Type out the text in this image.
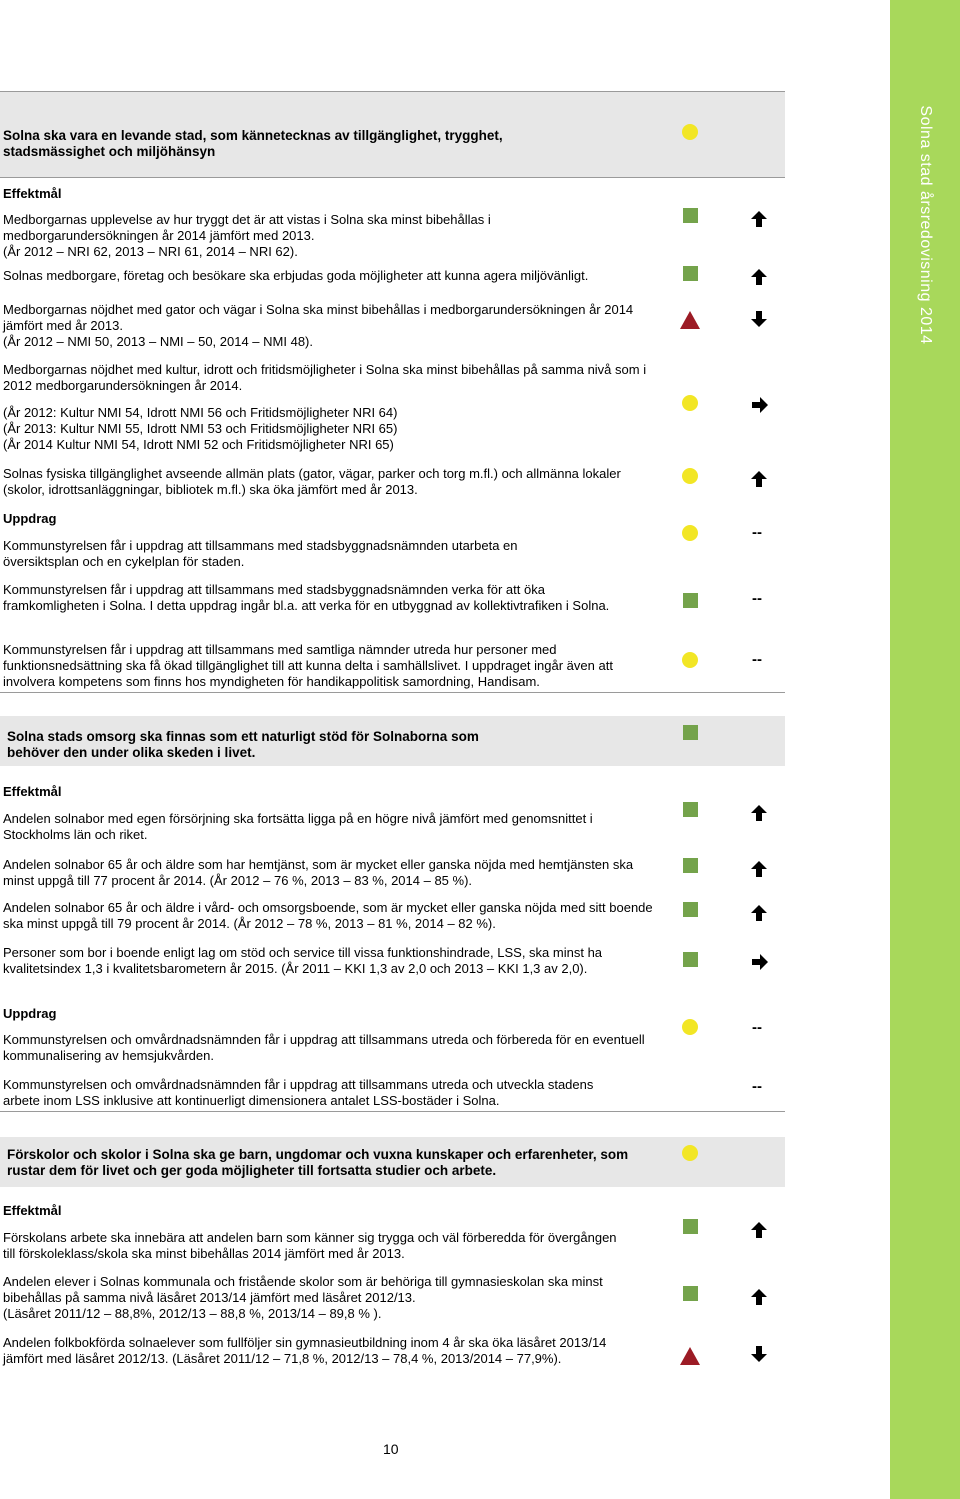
Solna stad årsredovisning 2014
Solna ska vara en levande stad, som kännetecknas av tillgänglighet, trygghet, stadsmässighet och miljöhänsyn
Effektmål
Medborgarnas upplevelse av hur tryggt det är att vistas i Solna ska minst bibehållas i medborgarundersökningen år 2014 jämfört med 2013.
(År 2012 – NRI 62, 2013 – NRI 61, 2014 – NRI 62).
Solnas medborgare, företag och besökare ska erbjudas goda möjligheter att kunna agera miljövänligt.
Medborgarnas nöjdhet med gator och vägar i Solna ska minst bibehållas i medborgarundersökningen år 2014 jämfört med år 2013.
(År 2012 – NMI 50, 2013 – NMI – 50, 2014 – NMI 48).
Medborgarnas nöjdhet med kultur, idrott och fritidsmöjligheter i Solna ska minst bibehållas på samma nivå som i 2012 medborgarundersökningen år 2014.
(År 2012: Kultur NMI 54, Idrott NMI 56 och Fritidsmöjligheter NRI 64)
(År 2013: Kultur NMI 55, Idrott NMI 53 och Fritidsmöjligheter NRI 65)
(År 2014 Kultur NMI 54, Idrott NMI 52 och Fritidsmöjligheter NRI 65)
Solnas fysiska tillgänglighet avseende allmän plats (gator, vägar, parker och torg m.fl.) och allmänna lokaler (skolor, idrottsanläggningar, bibliotek m.fl.) ska öka jämfört med år 2013.
Uppdrag
Kommunstyrelsen får i uppdrag att tillsammans med stadsbyggnadsnämnden utarbeta en översiktsplan och en cykelplan för staden.
Kommunstyrelsen får i uppdrag att tillsammans med stadsbyggnadsnämnden verka för att öka framkomligheten i Solna. I detta uppdrag ingår bl.a. att verka för en utbyggnad av kollektivtrafiken i Solna.
Kommunstyrelsen får i uppdrag att tillsammans med samtliga nämnder utreda hur personer med funktionsnedsättning ska få ökad tillgänglighet till att kunna delta i samhällslivet. I uppdraget ingår även att involvera kompetens som finns hos myndigheten för handikappolitisk samordning, Handisam.
--
--
--
Solna stads omsorg ska finnas som ett naturligt stöd för Solnaborna som behöver den under olika skeden i livet.
Effektmål
Andelen solnabor med egen försörjning ska fortsätta ligga på en högre nivå jämfört med genomsnittet i Stockholms län och riket.
Andelen solnabor 65 år och äldre som har hemtjänst, som är mycket eller ganska nöjda med hemtjänsten ska minst uppgå till 77 procent år 2014. (År 2012 – 76 %, 2013 – 83 %, 2014 – 85 %).
Andelen solnabor 65 år och äldre i vård- och omsorgsboende, som är mycket eller ganska nöjda med sitt boende ska minst uppgå till 79 procent år 2014. (År 2012 – 78 %, 2013 – 81 %, 2014 – 82 %).
Personer som bor i boende enligt lag om stöd och service till vissa funktionshindrade, LSS, ska minst ha kvalitetsindex 1,3 i kvalitetsbarometern år 2015. (År 2011 – KKI 1,3 av 2,0 och 2013 – KKI 1,3 av 2,0).
Uppdrag
Kommunstyrelsen och omvårdnadsnämnden får i uppdrag att tillsammans utreda och förbereda för en eventuell kommunalisering av hemsjukvården.
Kommunstyrelsen och omvårdnadsnämnden får i uppdrag att tillsammans utreda och utveckla stadens arbete inom LSS inklusive att kontinuerligt dimensionera antalet LSS-bostäder i Solna.
--
--
Förskolor och skolor i Solna ska ge barn, ungdomar och vuxna kunskaper och erfarenheter, som rustar dem för livet och ger goda möjligheter till fortsatta studier och arbete.
Effektmål
Förskolans arbete ska innebära att andelen barn som känner sig trygga och väl förberedda för övergången till förskoleklass/skola ska minst bibehållas 2014 jämfört med år 2013.
Andelen elever i Solnas kommunala och fristående skolor som är behöriga till gymnasieskolan ska minst bibehållas på samma nivå läsåret 2013/14 jämfört med läsåret 2012/13.
(Läsåret 2011/12 – 88,8%, 2012/13 – 88,8 %, 2013/14 – 89,8 % ).
Andelen folkbokförda solnaelever som fullföljer sin gymnasieutbildning inom 4 år ska öka läsåret 2013/14 jämfört med läsåret 2012/13. (Läsåret 2011/12 – 71,8 %, 2012/13 – 78,4 %, 2013/2014 – 77,9%).
10
